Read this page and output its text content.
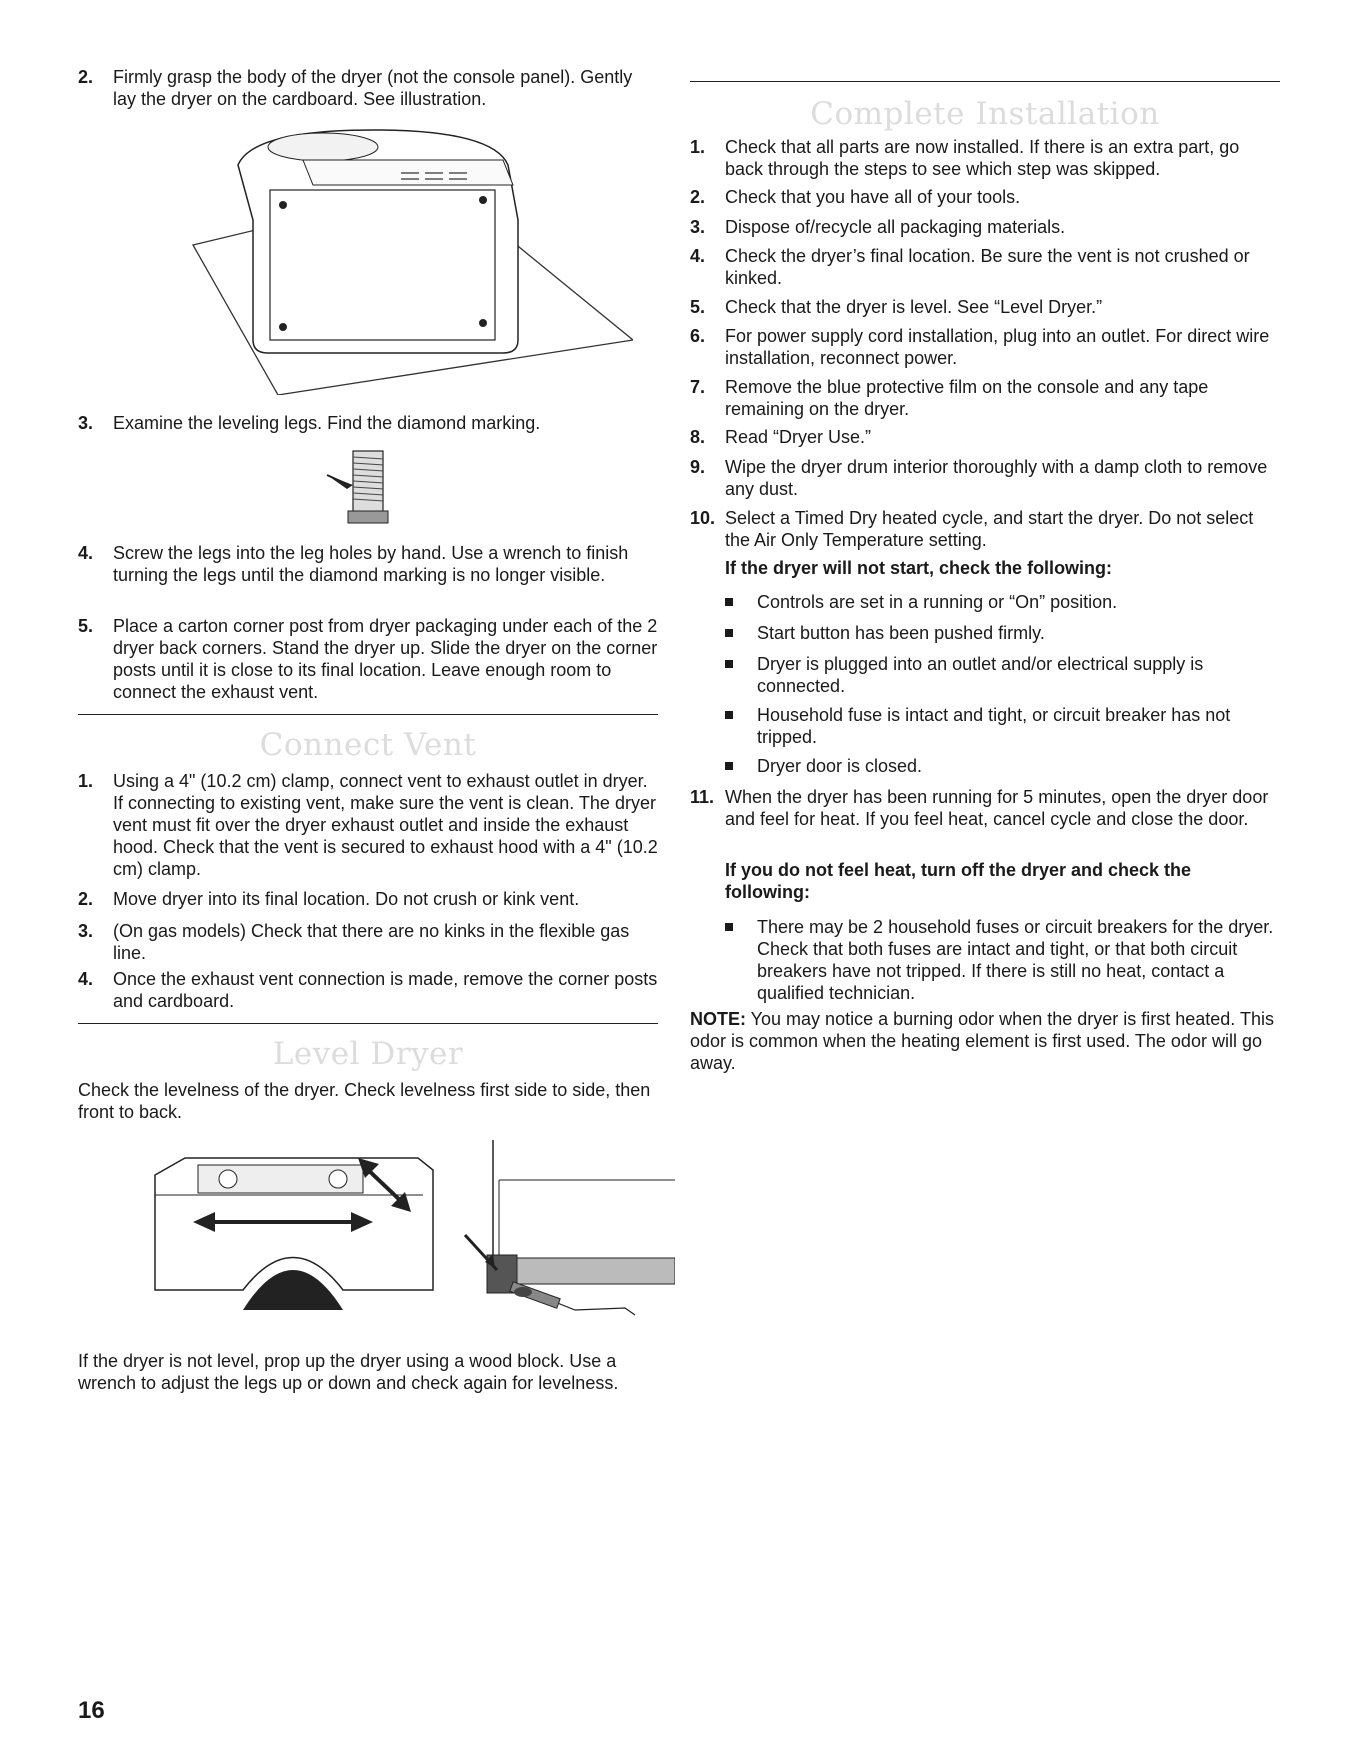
2. Firmly grasp the body of the dryer (not the console panel). Gently lay the dryer on the cardboard. See illustration.
3. Examine the leveling legs. Find the diamond marking.
4. Screw the legs into the leg holes by hand. Use a wrench to finish turning the legs until the diamond marking is no longer visible.
5. Place a carton corner post from dryer packaging under each of the 2 dryer back corners. Stand the dryer up. Slide the dryer on the corner posts until it is close to its final location. Leave enough room to connect the exhaust vent.
Connect Vent
1. Using a 4" (10.2 cm) clamp, connect vent to exhaust outlet in dryer. If connecting to existing vent, make sure the vent is clean. The dryer vent must fit over the dryer exhaust outlet and inside the exhaust hood. Check that the vent is secured to exhaust hood with a 4" (10.2 cm) clamp.
2. Move dryer into its final location. Do not crush or kink vent.
3. (On gas models) Check that there are no kinks in the flexible gas line.
4. Once the exhaust vent connection is made, remove the corner posts and cardboard.
Level Dryer
Check the levelness of the dryer. Check levelness first side to side, then front to back.
If the dryer is not level, prop up the dryer using a wood block. Use a wrench to adjust the legs up or down and check again for levelness.
Complete Installation
1. Check that all parts are now installed. If there is an extra part, go back through the steps to see which step was skipped.
2. Check that you have all of your tools.
3. Dispose of/recycle all packaging materials.
4. Check the dryer’s final location. Be sure the vent is not crushed or kinked.
5. Check that the dryer is level. See “Level Dryer.”
6. For power supply cord installation, plug into an outlet. For direct wire installation, reconnect power.
7. Remove the blue protective film on the console and any tape remaining on the dryer.
8. Read “Dryer Use.”
9. Wipe the dryer drum interior thoroughly with a damp cloth to remove any dust.
10. Select a Timed Dry heated cycle, and start the dryer. Do not select the Air Only Temperature setting.
If the dryer will not start, check the following:
Controls are set in a running or “On” position.
Start button has been pushed firmly.
Dryer is plugged into an outlet and/or electrical supply is connected.
Household fuse is intact and tight, or circuit breaker has not tripped.
Dryer door is closed.
11. When the dryer has been running for 5 minutes, open the dryer door and feel for heat. If you feel heat, cancel cycle and close the door.
If you do not feel heat, turn off the dryer and check the following:
There may be 2 household fuses or circuit breakers for the dryer. Check that both fuses are intact and tight, or that both circuit breakers have not tripped. If there is still no heat, contact a qualified technician.
NOTE: You may notice a burning odor when the dryer is first heated. This odor is common when the heating element is first used. The odor will go away.
16
